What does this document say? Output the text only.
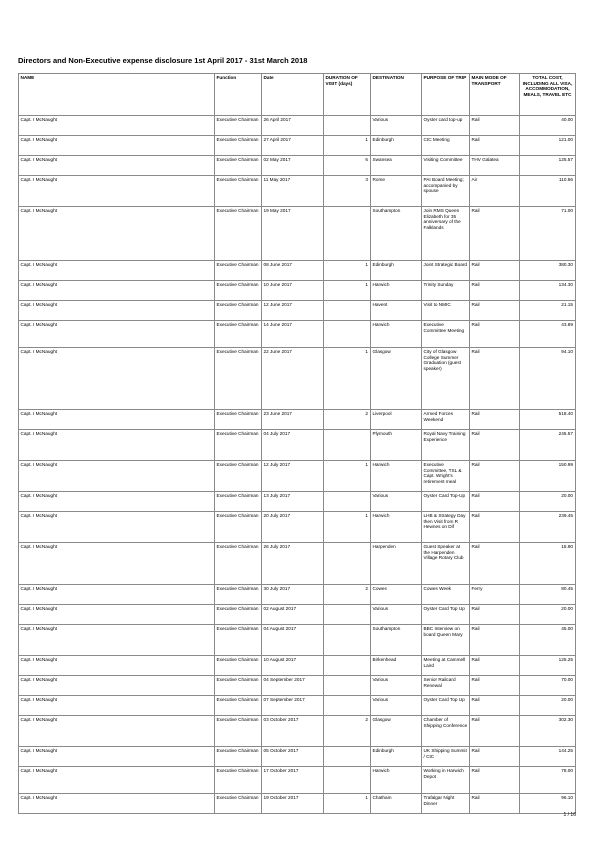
Directors and Non-Executive expense disclosure 1st April 2017 - 31st March 2018
NAME	Function	Date	DURATION OF VISIT (days)	DESTINATION	PURPOSE OF TRIP	MAIN MODE OF TRANSPORT	TOTAL COST, INCLUDING ALL VISA, ACCOMMODATION, MEALS, TRAVEL ETC
Capt. I McNaught	Executive Chairman	26 April 2017		Various	Oyster card top-up	Rail	40.00
Capt. I McNaught	Executive Chairman	27 April 2017	1	Edinburgh	CtC Meeting	Rail	121.00
Capt. I McNaught	Executive Chairman	02 May 2017	6	Swansea	Visiting Committee	THV Galatea	125.57
Capt. I McNaught	Executive Chairman	11 May 2017	3	Rome	PAI Board Meeting; accompanied by spouse	Air	110.56
Capt. I McNaught	Executive Chairman	19 May 2017		Southampton	Join RMS Queen Elizabeth for 35 anniversary of the Falklands	Rail	71.00
Capt. I McNaught	Executive Chairman	08 June 2017	1	Edinburgh	Joint Strategic Board	Rail	380.30
Capt. I McNaught	Executive Chairman	10 June 2017	1	Harwich	Trinity Sunday	Rail	134.30
Capt. I McNaught	Executive Chairman	12 June 2017		Havent	Visit to NMIC	Rail	21.15
Capt. I McNaught	Executive Chairman	14 June 2017		Harwich	Executive Committee Meeting	Rail	43.89
Capt. I McNaught	Executive Chairman	22 June 2017	1	Glasgow	City of Glasgow College Summer Graduation (guest speaker)	Rail	94.10
Capt. I McNaught	Executive Chairman	23 June 2017	2	Liverpool	Armed Forces Weekend	Rail	518.40
Capt. I McNaught	Executive Chairman	04 July 2017		Plymouth	Royal Navy Training Experience	Rail	245.57
Capt. I McNaught	Executive Chairman	12 July 2017	1	Harwich	Executive Committee, TSL & Capt. Wright's retirement meal	Rail	150.99
Capt. I McNaught	Executive Chairman	13 July 2017		Various	Oyster Card Top-Up	Rail	20.00
Capt. I McNaught	Executive Chairman	20 July 2017	1	Harwich	LHB & Strategy Day then Visit from R Hewnes on Dif	Rail	239.45
Capt. I McNaught	Executive Chairman	26 July 2017		Harpenden	Guest Speaker at the Harpenden Village Rotary Club	Rail	15.90
Capt. I McNaught	Executive Chairman	30 July 2017	2	Cowes	Cowes Week	Ferry	80.45
Capt. I McNaught	Executive Chairman	02 August 2017		Various	Oyster Card Top Up	Rail	20.00
Capt. I McNaught	Executive Chairman	04 August 2017		Southampton	BBC Interview on board Queen Mary	Rail	45.00
Capt. I McNaught	Executive Chairman	10 August 2017		Birkenhead	Meeting at Cammell Laird	Rail	125.25
Capt. I McNaught	Executive Chairman	04 September 2017		Various	Senior Railcard Renewal	Rail	70.00
Capt. I McNaught	Executive Chairman	07 September 2017		Various	Oyster Card Top Up	Rail	20.00
Capt. I McNaught	Executive Chairman	03 October 2017	2	Glasgow	Chamber of Shipping Conference	Rail	302.30
Capt. I McNaught	Executive Chairman	05 October 2017		Edinburgh	UK Shipping Summit / CtC	Rail	144.25
Capt. I McNaught	Executive Chairman	17 October 2017		Harwich	Working in Harwich Depot	Rail	78.00
Capt. I McNaught	Executive Chairman	19 October 2017	1	Chatham	Trafalgar Night Dinner	Rail	96.10
1 / 16
